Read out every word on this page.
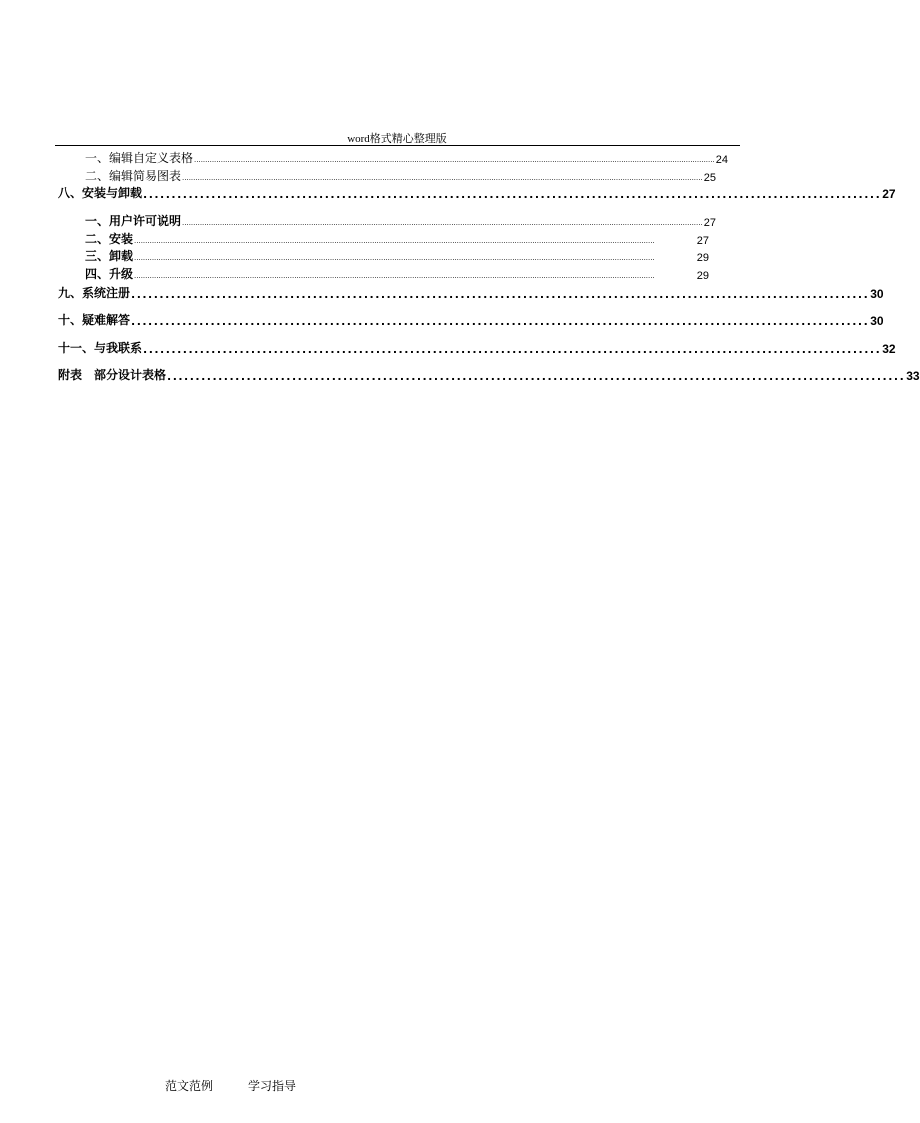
word格式精心整理版
一、编辑自定义表格 .......................................................................................................................................................................................................................................... 24
二、编辑简易图表 .......................................................................................................................................................................................................................................... 25
八、安装与卸载 .................................................................................................................................. 27
一、用户许可说明 .......................................................................................................................................................................................................................................... 27
二、安装 ..........................................................................................................................................................................................................................................	27
三、卸载 ..........................................................................................................................................................................................................................................	29
四、升级 ..........................................................................................................................................................................................................................................	29
九、系统注册 .................................................................................................................................. 30
十、疑难解答 .................................................................................................................................. 30
十一、与我联系 .................................................................................................................................. 32
附表　部分设计表格 .................................................................................................................................. 33
范文范例	学习指导
